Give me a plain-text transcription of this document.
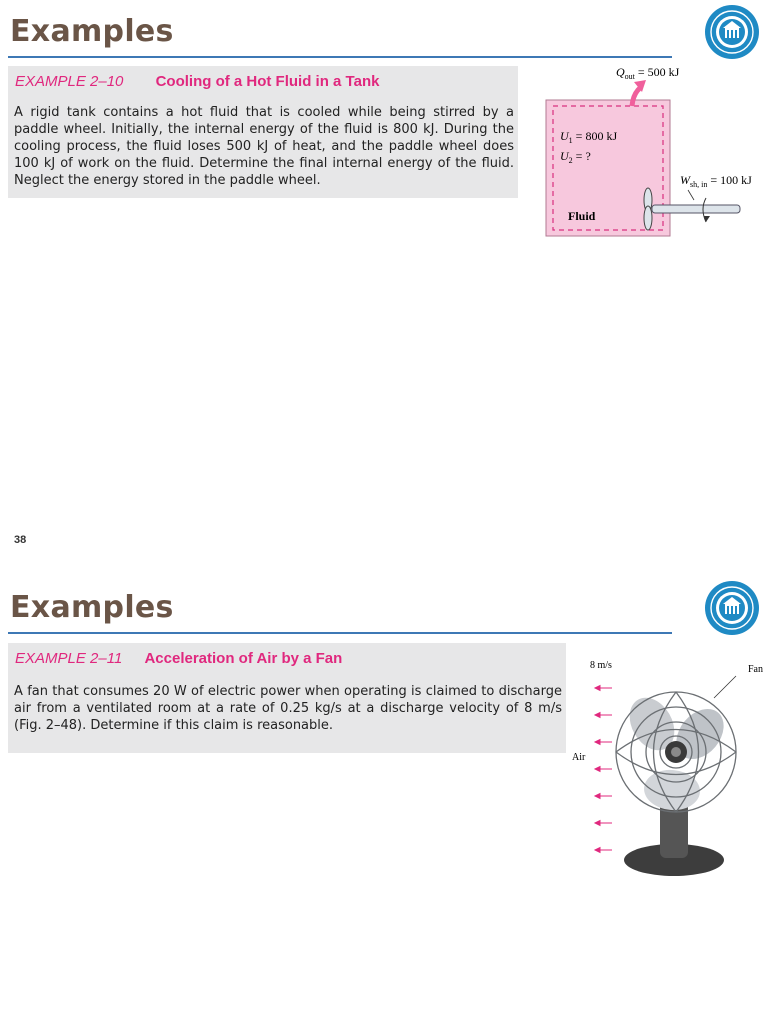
Examples
EXAMPLE 2–10 Cooling of a Hot Fluid in a Tank

A rigid tank contains a hot fluid that is cooled while being stirred by a paddle wheel. Initially, the internal energy of the fluid is 800 kJ. During the cooling process, the fluid loses 500 kJ of heat, and the paddle wheel does 100 kJ of work on the fluid. Determine the final internal energy of the fluid. Neglect the energy stored in the paddle wheel.

$Q_{out} = 500$ kJ
$U_1 = 800$ kJ
$U_2$ = ?
$W_{sh, in} = 100$ kJ
Fluid
38
Examples
EXAMPLE 2–11 Acceleration of Air by a Fan

A fan that consumes 20 W of electric power when operating is claimed to discharge air from a ventilated room at a rate of 0.25 kg/s at a discharge velocity of 8 m/s (Fig. 2–48). Determine if this claim is reasonable.

8 m/s	Fan
Air
